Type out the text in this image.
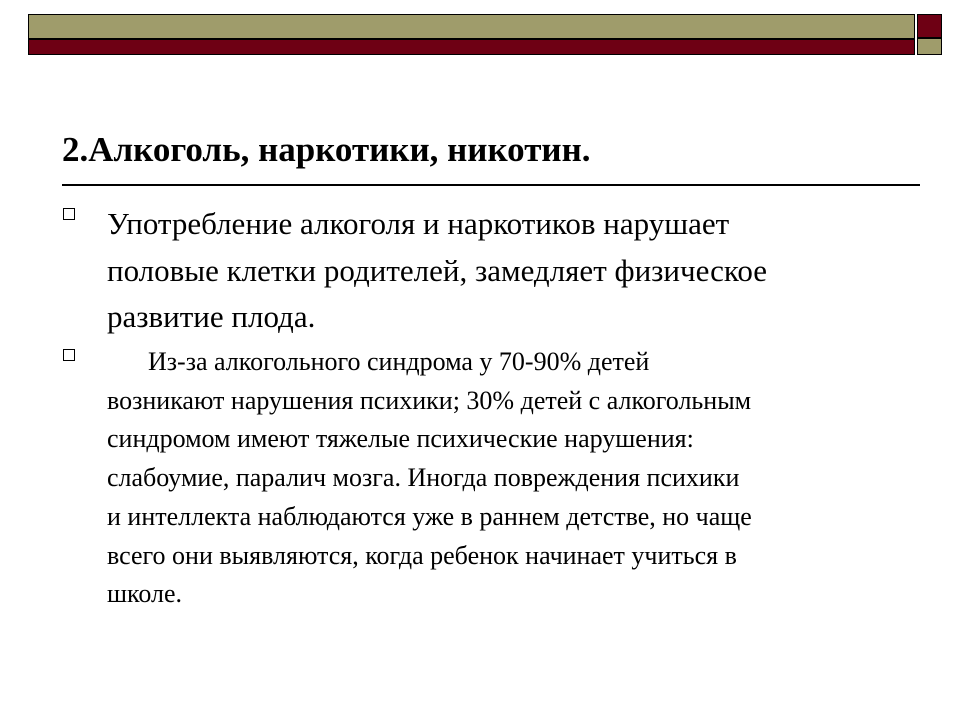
2.Алкоголь, наркотики, никотин.
Употребление алкоголя и наркотиков нарушает
половые клетки родителей, замедляет физическое
развитие плода.
Из-за алкогольного синдрома у 70-90% детей
возникают нарушения психики; 30% детей с алкогольным
синдромом имеют тяжелые психические нарушения:
слабоумие, паралич мозга. Иногда повреждения психики
и интеллекта наблюдаются уже в раннем детстве, но чаще
всего они выявляются, когда ребенок начинает учиться в
школе.
